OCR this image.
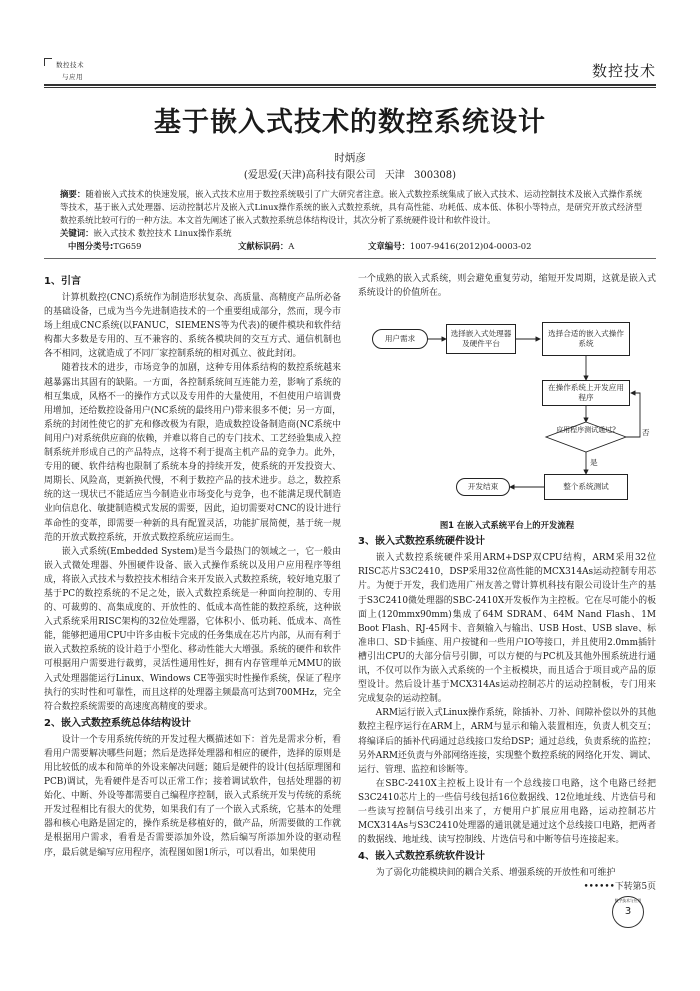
数控技术
与应用	数控技术
基于嵌入式技术的数控系统设计
时炳彦
(爱思爱(天津)高科技有限公司 天津 300308)
摘要：随着嵌入式技术的快速发展，嵌入式技术应用于数控系统吸引了广大研究者注意。嵌入式数控系统集成了嵌入式技术、运动控制技术及嵌入式操作系统等技术，基于嵌入式处理器、运动控制芯片及嵌入式Linux操作系统的嵌入式数控系统，具有高性能、功耗低、成本低、体积小等特点，是研究开放式经济型数控系统比较可行的一种方法。本文首先阐述了嵌入式数控系统总体结构设计，其次分析了系统硬件设计和软件设计。
关键词：嵌入式技术 数控技术 Linux操作系统
中图分类号:TG659	文献标识码：A	文章编号：1007-9416(2012)04-0003-02
1、引言

计算机数控(CNC)系统作为制造形状复杂、高质量、高精度产品所必备的基础设备，已成为当今先进制造技术的一个重要组成部分，然而，现今市场上组成CNC系统(以FANUC，SIEMENS等为代表)的硬件模块和软件结构都大多数是专用的、互不兼容的、系统各模块间的交互方式、通信机制也各不相同，这就造成了不同厂家控制系统的相对孤立、彼此封闭。

随着技术的进步，市场竞争的加剧，这种专用体系结构的数控系统越来越暴露出其固有的缺陷。一方面，各控制系统间互连能力差，影响了系统的相互集成，风格不一的操作方式以及专用件的大量使用，不但使用户培训费用增加，还给数控设备用户(NC系统的最终用户)带来很多不便；另一方面，系统的封闭性使它的扩充和修改极为有限，造成数控设备制造商(NC系统中间用户)对系统供应商的依赖，并难以将自己的专门技术、工艺经验集成入控制系统并形成自己的产品特点，这将不利于提高主机产品的竞争力。此外，专用的硬、软件结构也限制了系统本身的持续开发，使系统的开发投资大、周期长、风险高，更新换代慢，不利于数控产品的技术进步。总之，数控系统的这一现状已不能适应当今制造业市场变化与竞争，也不能满足现代制造业向信息化、敏捷制造模式发展的需要，因此，迫切需要对CNC的设计进行革命性的变革，即需要一种新的具有配置灵活，功能扩展简便，基于统一规范的开放式数控系统，开放式数控系统应运而生。

嵌入式系统(Embedded System)是当今最热门的领域之一，它一般由嵌入式微处理器、外围硬件设备、嵌入式操作系统以及用户应用程序等组成，将嵌入式技术与数控技术相结合来开发嵌入式数控系统，较好地克服了基于PC的数控系统的不足之处，嵌入式数控系统是一种面向控制的、专用的、可裁剪的、高集成度的、开放性的、低成本高性能的数控系统，这种嵌入式系统采用RISC架构的32位处理器，它体积小、低功耗、低成本、高性能，能够把通用CPU中许多由板卡完成的任务集成在芯片内部，从而有利于嵌入式数控系统的设计趋于小型化、移动性能大大增强。系统的硬件和软件可根据用户需要进行裁剪，灵活性通用性好，拥有内存管理单元MMU的嵌入式处理器能运行Linux、Windows CE等强实时性操作系统，保证了程序执行的实时性和可靠性，而且这样的处理器主频最高可达到700MHz，完全符合数控系统需要的高速度高精度的要求。

2、嵌入式数控系统总体结构设计

设计一个专用系统传统的开发过程大概描述如下：首先是需求分析，看看用户需要解决哪些问题；然后是选择处理器和相应的硬件，选择的原则是用比较低的成本和简单的外设来解决问题；随后是硬件的设计(包括原理图和PCB)调试，先看硬件是否可以正常工作；接着调试软件，包括处理器的初始化、中断、外设等都需要自己编程序控制，嵌入式系统开发与传统的系统开发过程相比有很大的优势，如果我们有了一个嵌入式系统，它基本的处理器和核心电路是固定的，操作系统是移植好的，做产品，所需要做的工作就是根据用户需求，看看是否需要添加外设，然后编写所添加外设的驱动程序，最后就是编写应用程序，流程图如图1所示，可以看出，如果使用

一个成熟的嵌入式系统，则会避免重复劳动，缩短开发周期，这就是嵌入式系统设计的价值所在。

用户需求
选择嵌入式处理器及硬件平台
选择合适的嵌入式操作系统
在操作系统上开发应用程序
应用程序测试通过?	否
是
整个系统测试
开发结束
图1 在嵌入式系统平台上的开发流程
3、嵌入式数控系统硬件设计

嵌入式数控系统硬件采用ARM+DSP双CPU结构，ARM采用32位RISC芯片S3C2410，DSP采用32位高性能的MCX314As运动控制专用芯片。为便于开发，我们选用广州友善之臂计算机科技有限公司设计生产的基于S3C2410微处理器的SBC-2410X开发板作为主控板。它在尽可能小的板面上(120mmx90mm)集成了64M SDRAM、64M Nand Flash、1M Boot Flash、RJ-45网卡、音频输入与输出、USB Host、USB slave、标准串口、SD卡插座、用户按键和一些用户IO等接口，并且使用2.0mm插针槽引出CPU的大部分信号引脚，可以方便的与PC机及其他外围系统进行通讯，不仅可以作为嵌入式系统的一个主板模块，而且适合于项目或产品的原型设计。然后设计基于MCX314As运动控制芯片的运动控制板，专门用来完成复杂的运动控制。

ARM运行嵌入式Linux操作系统，除插补、刀补、间隙补偿以外的其他数控主程序运行在ARM上，ARM与显示和输入装置相连，负责人机交互；将编译后的插补代码通过总线接口发给DSP；通过总线，负责系统的监控；另外ARM还负责与外部网络连接，实现整个数控系统的网络化开发、调试、运行、管理、监控和诊断等。

在SBC-2410X主控板上设计有一个总线接口电路，这个电路已经把S3C2410芯片上的一些信号线包括16位数据线、12位地址线、片选信号和一些读写控制信号线引出来了，方便用户扩展应用电路，运动控制芯片MCX314As与S3C2410处理器的通讯就是通过这个总线接口电路，把两者的数据线、地址线、读写控制线、片选信号和中断等信号连接起来。

4、嵌入式数控系统软件设计

为了弱化功能模块间的耦合关系、增强系统的开放性和可维护

••••••下转第5页
数字技术与应用
3
